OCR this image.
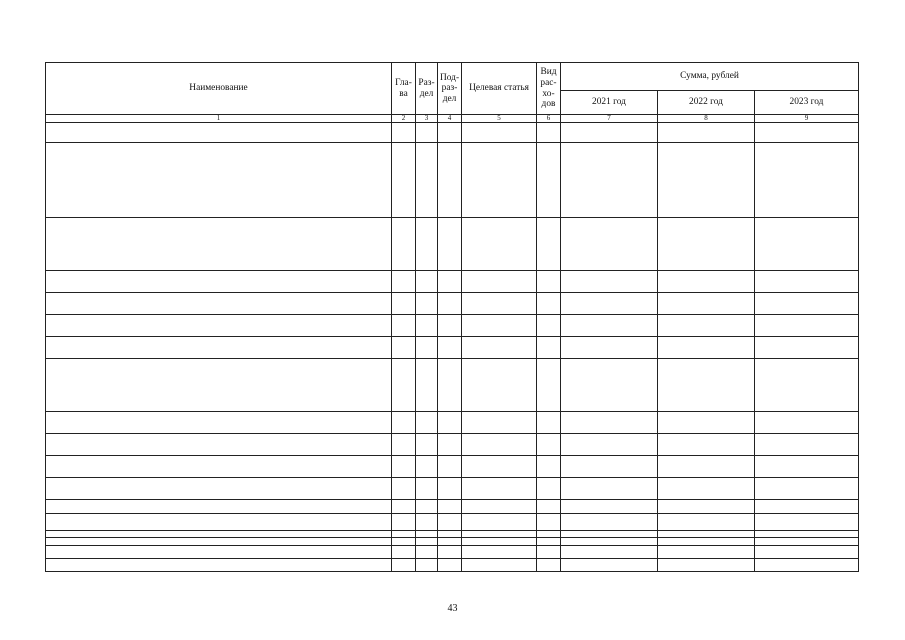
Наименование	Гла-ва	Раз-дел	Под-раз-дел	Целевая статья	Вид рас-хо-дов	Сумма, рублей		
						2021 год	2022 год	2023 год
1	2	3	4	5	6	7	8	9

43
